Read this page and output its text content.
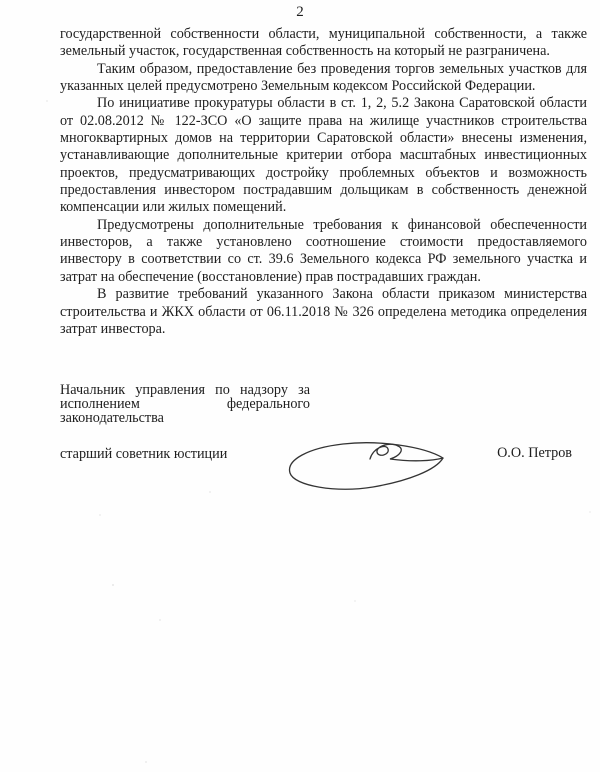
2

государственной собственности области, муниципальной собственности, а также земельный участок, государственная собственность на который не разграничена.

Таким образом, предоставление без проведения торгов земельных участков для указанных целей предусмотрено Земельным кодексом Российской Федерации.

По инициативе прокуратуры области в ст. 1, 2, 5.2 Закона Саратовской области от 02.08.2012 № 122-ЗСО «О защите права на жилище участников строительства многоквартирных домов на территории Саратовской области» внесены изменения, устанавливающие дополнительные критерии отбора масштабных инвестиционных проектов, предусматривающих достройку проблемных объектов и возможность предоставления инвестором пострадавшим дольщикам в собственность денежной компенсации или жилых помещений.

Предусмотрены дополнительные требования к финансовой обеспеченности инвесторов, а также установлено соотношение стоимости предоставляемого инвестору в соответствии со ст. 39.6 Земельного кодекса РФ земельного участка и затрат на обеспечение (восстановление) прав пострадавших граждан.

В развитие требований указанного Закона области приказом министерства строительства и ЖКХ области от 06.11.2018 № 326 определена методика определения затрат инвестора.

Начальник управления по надзору за
исполнением федерального
законодательства
старший советник юстиции	О.О. Петров
